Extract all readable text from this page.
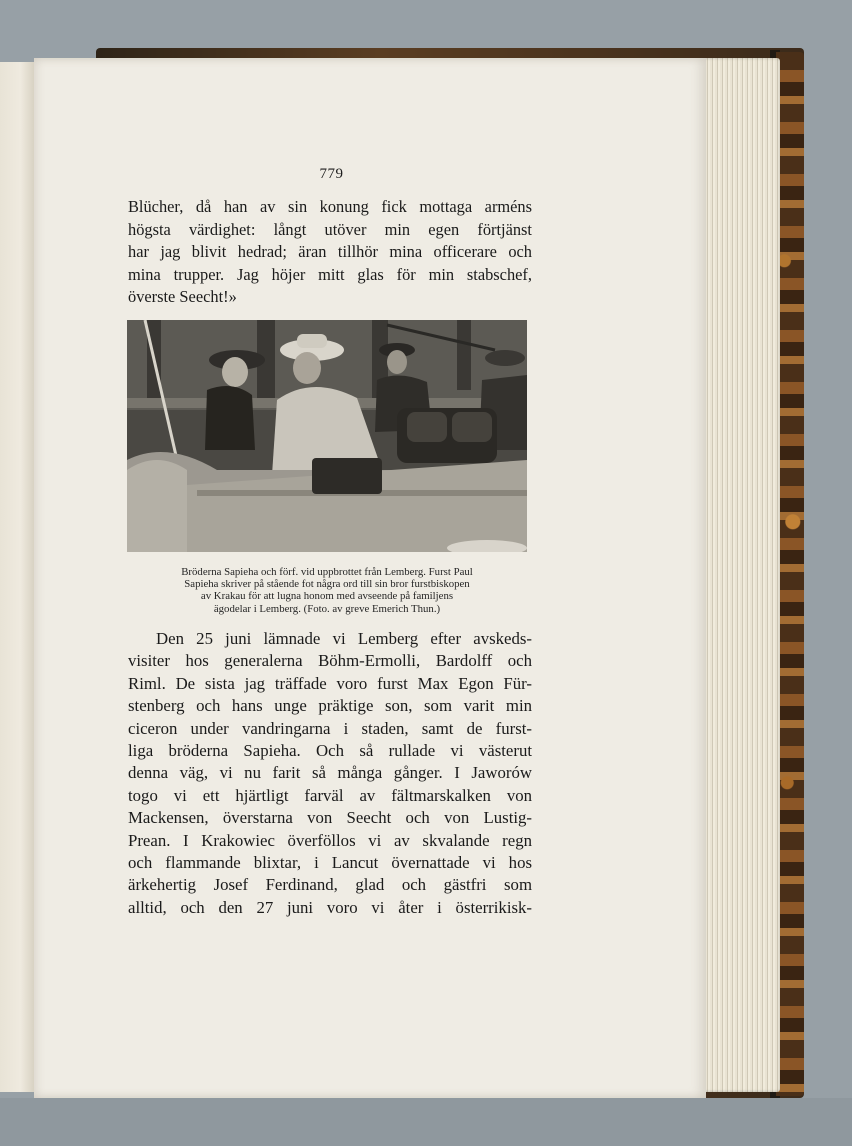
779
Blücher, då han av sin konung fick mottaga arméns
högsta värdighet: långt utöver min egen förtjänst
har jag blivit hedrad; äran tillhör mina officerare och
mina trupper. Jag höjer mitt glas för min stabschef,
överste Seecht!»
Bröderna Sapieha och förf. vid uppbrottet från Lemberg. Furst Paul
Sapieha skriver på stående fot några ord till sin bror furstbiskopen
av Krakau för att lugna honom med avseende på familjens
ägodelar i Lemberg. (Foto. av greve Emerich Thun.)
Den 25 juni lämnade vi Lemberg efter avskeds-
visiter hos generalerna Böhm-Ermolli, Bardolff och
Riml. De sista jag träffade voro furst Max Egon Für-
stenberg och hans unge präktige son, som varit min
ciceron under vandringarna i staden, samt de furst-
liga bröderna Sapieha. Och så rullade vi västerut
denna väg, vi nu farit så många gånger. I Jaworów
togo vi ett hjärtligt farväl av fältmarskalken von
Mackensen, överstarna von Seecht och von Lustig-
Prean. I Krakowiec överföllos vi av skvalande regn
och flammande blixtar, i Lancut övernattade vi hos
ärkehertig Josef Ferdinand, glad och gästfri som
alltid, och den 27 juni voro vi åter i österrikisk-
